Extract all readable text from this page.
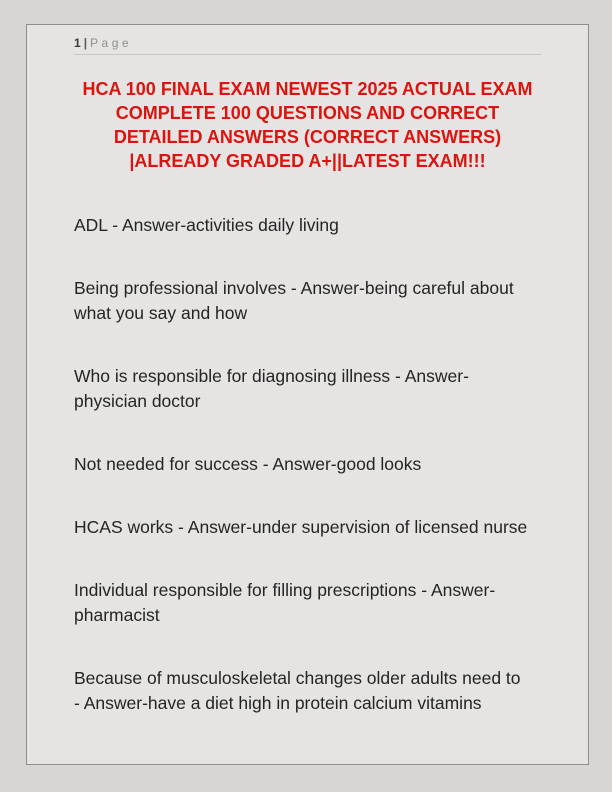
1 | Page
HCA 100 FINAL EXAM NEWEST 2025 ACTUAL EXAM
COMPLETE 100 QUESTIONS AND CORRECT
DETAILED ANSWERS (CORRECT ANSWERS)
|ALREADY GRADED A+||LATEST EXAM!!!
ADL - Answer-activities daily living
Being professional involves - Answer-being careful about
what you say and how
Who is responsible for diagnosing illness - Answer-
physician doctor
Not needed for success - Answer-good looks
HCAS works - Answer-under supervision of licensed nurse
Individual responsible for filling prescriptions - Answer-
pharmacist
Because of musculoskeletal changes older adults need to
- Answer-have a diet high in protein calcium vitamins
